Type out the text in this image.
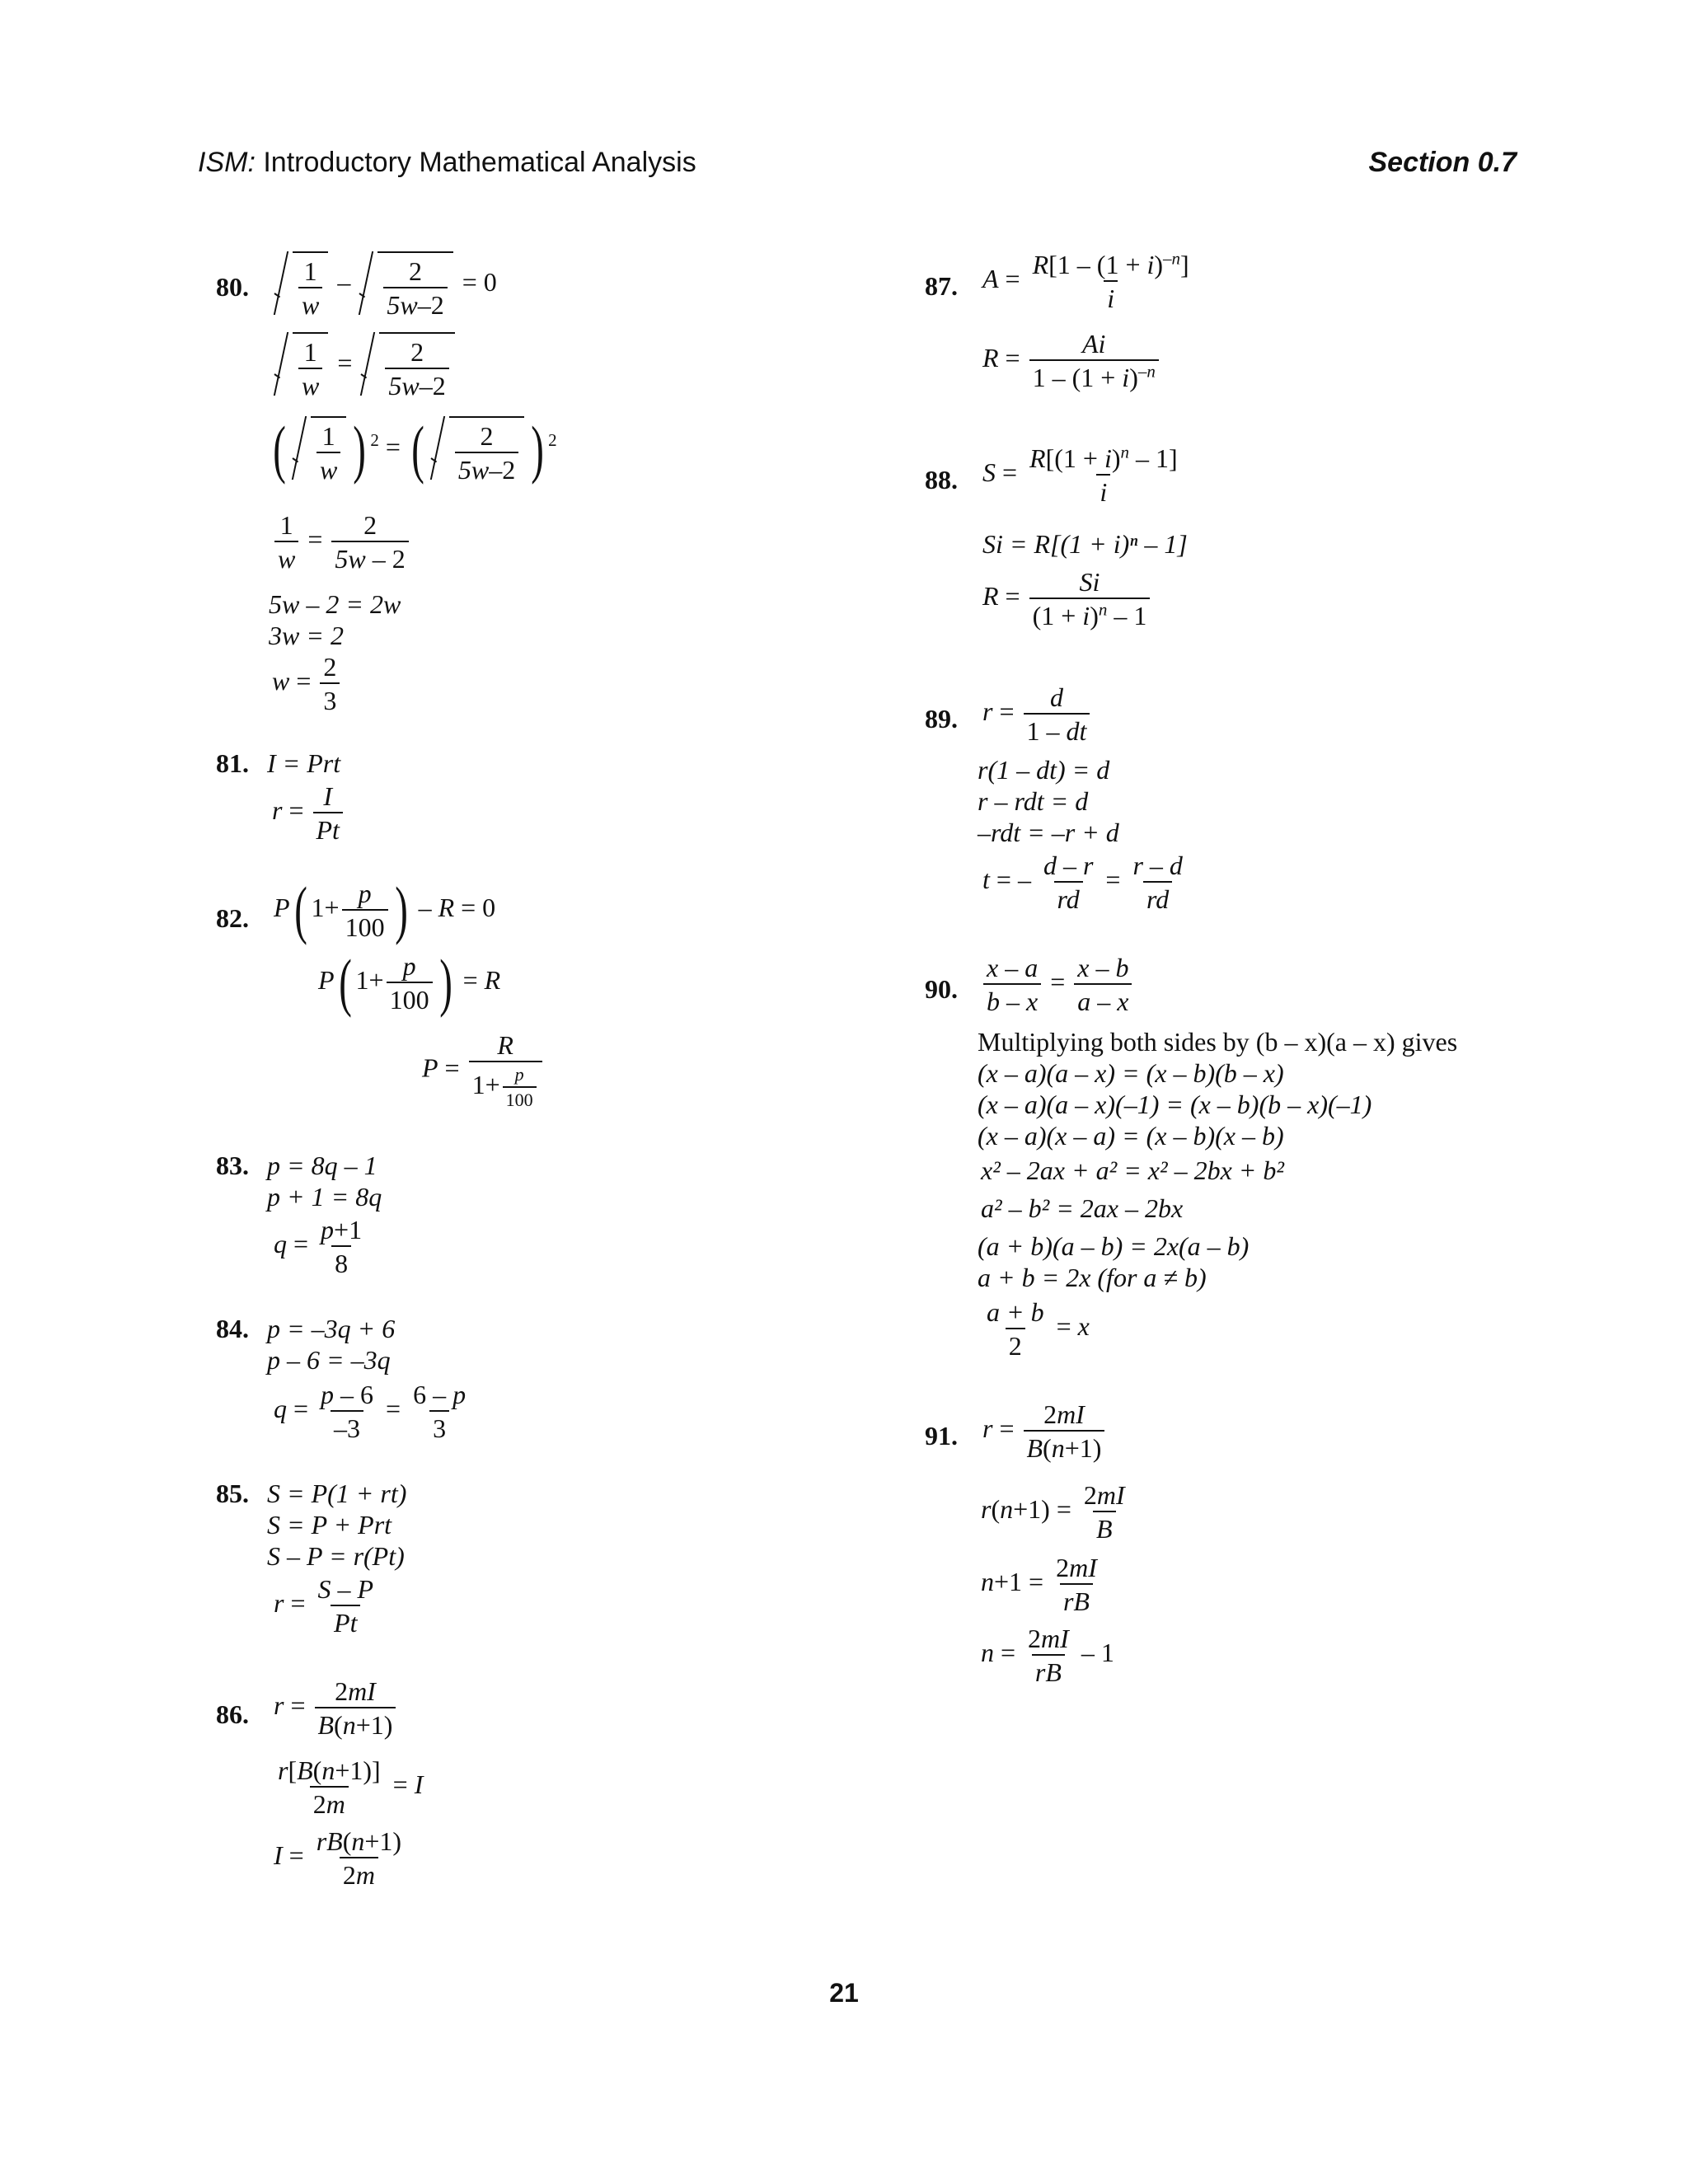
ISM: Introductory Mathematical Analysis	Section 0.7
80. $\frac{1}{w} - \frac{2}{5w-2} = 0$
$\frac{1}{w} = \frac{2}{5w-2}$
( $\frac{1}{w}$ ) $^2$ = ( $\frac{2}{5w-2}$ ) $^2$
$\frac{1}{w} = \frac{2}{5w - 2}$
5w – 2 = 2w
3w = 2
$w = \frac{2}{3}$
81. I = Prt
$r = \frac{I}{Pt}$
82. P( $1+ \frac{p}{100}$ ) – R = 0
P( $1+ \frac{p}{100}$ ) = R
$P = \frac{R}{1+ \frac{p}{100}}$
83. p = 8q – 1
p + 1 = 8q
$q = \frac{p+1}{8}$
84. p = –3q + 6
p – 6 = –3q
$q = \frac{p - 6}{-3} = \frac{6 - p}{3}$
85. S = P(1 + rt)
S = P + Prt
S – P = r(Pt)
$r = \frac{S - P}{Pt}$
86. $r = \frac{2mI}{B(n+1)}$
$\frac{r[B(n+1)]}{2m} = I$
$I = \frac{rB(n+1)}{2m}$
87. $A = \frac{R[1 - (1 + i)^{-n}]}{i}$
$R = \frac{Ai}{1 - (1 + i)^{-n}}$
88. $S = \frac{R[(1 + i)^n - 1]}{i}$
Si = R[(1 + i)ⁿ – 1]
$R = \frac{Si}{(1 + i)^n - 1}$
89. $r = \frac{d}{1 - dt}$
r(1 – dt) = d
r – rdt = d
–rdt = –r + d
t = – $\frac{d - r}{rd} = \frac{r - d}{rd}$
90. $\frac{x - a}{b - x} = \frac{x - b}{a - x}$
Multiplying both sides by (b – x)(a – x) gives
(x – a)(a – x) = (x – b)(b – x)
(x – a)(a – x)(–1) = (x – b)(b – x)(–1)
(x – a)(x – a) = (x – b)(x – b)
x² – 2ax + a² = x² – 2bx + b²
a² – b² = 2ax – 2bx
(a + b)(a – b) = 2x(a – b)
a + b = 2x (for a ≠ b)
$\frac{a + b}{2} = x$
91. $r = \frac{2mI}{B(n+1)}$
$r(n+1) = \frac{2mI}{B}$
$n+1 = \frac{2mI}{rB}$
$n = \frac{2mI}{rB} - 1$
21
